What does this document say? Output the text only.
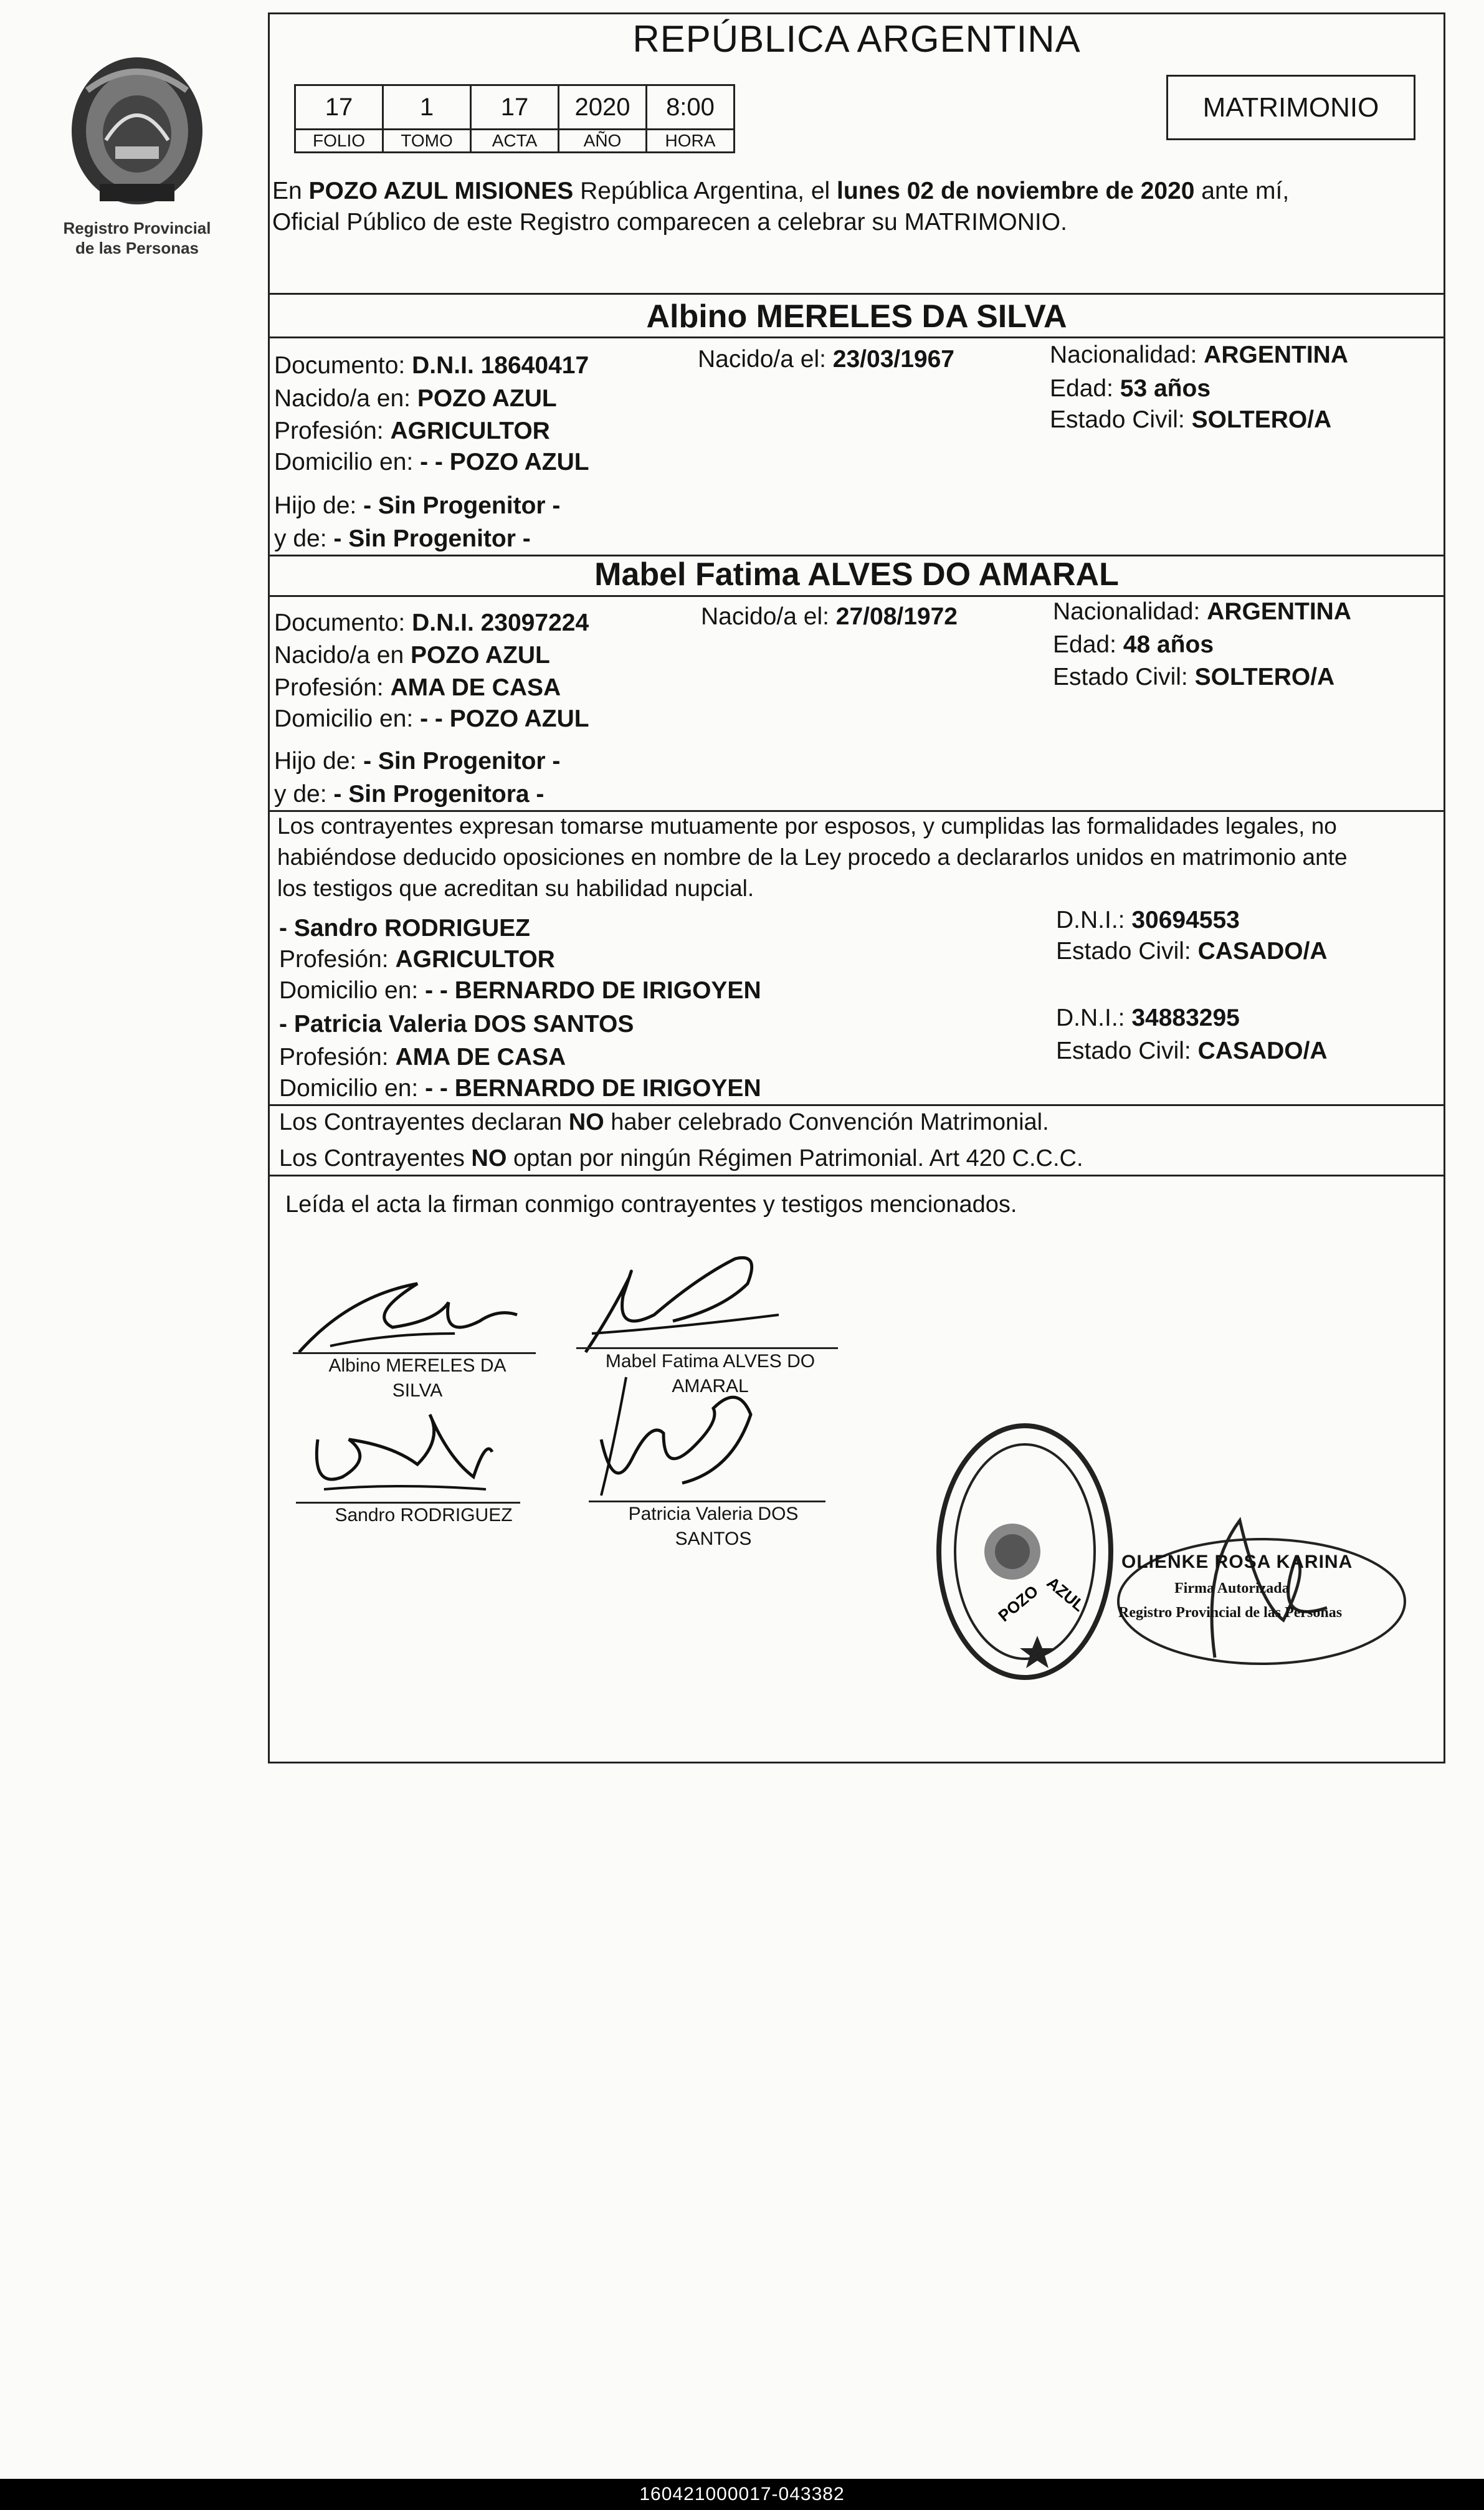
Registro Provincial
de las Personas
REPÚBLICA ARGENTINA
17	1	17	2020	8:00
FOLIO	TOMO	ACTA	AÑO	HORA
MATRIMONIO
En POZO AZUL MISIONES República Argentina, el lunes 02 de noviembre de 2020 ante mí,
Oficial Público de este Registro comparecen a celebrar su MATRIMONIO.
Albino MERELES DA SILVA
Documento: D.N.I. 18640417	Nacido/a el: 23/03/1967	Nacionalidad: ARGENTINA
Edad: 53 años
Estado Civil: SOLTERO/A
Nacido/a en: POZO AZUL
Profesión: AGRICULTOR
Domicilio en: - - POZO AZUL
Hijo de: - Sin Progenitor -
y de: - Sin Progenitor -
Mabel Fatima ALVES DO AMARAL
Documento: D.N.I. 23097224	Nacido/a el: 27/08/1972	Nacionalidad: ARGENTINA
Edad: 48 años
Estado Civil: SOLTERO/A
Nacido/a en POZO AZUL
Profesión: AMA DE CASA
Domicilio en: - - POZO AZUL
Hijo de: - Sin Progenitor -
y de: - Sin Progenitora -
Los contrayentes expresan tomarse mutuamente por esposos, y cumplidas las formalidades legales, no
habiéndose deducido oposiciones en nombre de la Ley procedo a declararlos unidos en matrimonio ante
los testigos que acreditan su habilidad nupcial.
- Sandro RODRIGUEZ
Profesión: AGRICULTOR
Domicilio en: - - BERNARDO DE IRIGOYEN
D.N.I.: 30694553
Estado Civil: CASADO/A
- Patricia Valeria DOS SANTOS
Profesión: AMA DE CASA
Domicilio en: - - BERNARDO DE IRIGOYEN
D.N.I.: 34883295
Estado Civil: CASADO/A
Los Contrayentes declaran NO haber celebrado Convención Matrimonial.
Los Contrayentes NO optan por ningún Régimen Patrimonial. Art 420 C.C.C.
Leída el acta la firman conmigo contrayentes y testigos mencionados.
Albino MERELES DA
SILVA
Mabel Fatima ALVES DO
AMARAL
Sandro RODRIGUEZ	Patricia Valeria DOS
SANTOS
POZO AZUL
OLIENKE ROSA KARINA
Firma Autorizada
Registro Provincial de las Personas
160421000017-043382
